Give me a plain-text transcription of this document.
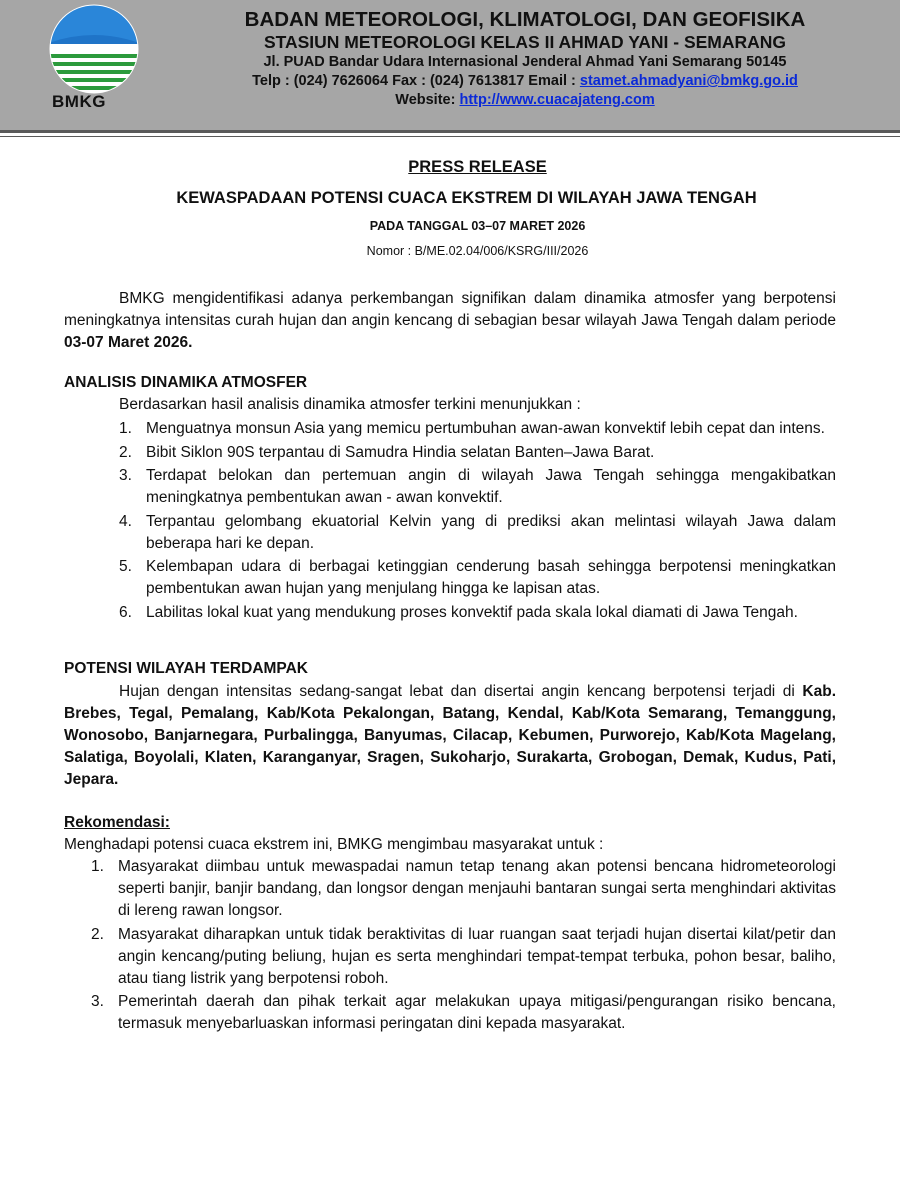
BMKG
BADAN METEOROLOGI, KLIMATOLOGI, DAN GEOFISIKA
STASIUN METEOROLOGI KELAS II AHMAD YANI - SEMARANG
Jl. PUAD Bandar Udara Internasional Jenderal Ahmad Yani Semarang 50145
Telp : (024) 7626064 Fax : (024) 7613817 Email : stamet.ahmadyani@bmkg.go.id
Website: http://www.cuacajateng.com
PRESS RELEASE
KEWASPADAAN POTENSI CUACA EKSTREM DI WILAYAH JAWA TENGAH
PADA TANGGAL 03–07 MARET 2026
Nomor : B/ME.02.04/006/KSRG/III/2026
BMKG mengidentifikasi adanya perkembangan signifikan dalam dinamika atmosfer yang berpotensi meningkatnya intensitas curah hujan dan angin kencang di sebagian besar wilayah Jawa Tengah dalam periode 03-07 Maret 2026.
ANALISIS DINAMIKA ATMOSFER
Berdasarkan hasil analisis dinamika atmosfer terkini menunjukkan :
1. Menguatnya monsun Asia yang memicu pertumbuhan awan-awan konvektif lebih cepat dan intens.
2. Bibit Siklon 90S terpantau di Samudra Hindia selatan Banten–Jawa Barat.
3. Terdapat belokan dan pertemuan angin di wilayah Jawa Tengah sehingga mengakibatkan meningkatnya pembentukan awan - awan konvektif.
4. Terpantau gelombang ekuatorial Kelvin yang di prediksi akan melintasi wilayah Jawa dalam beberapa hari ke depan.
5. Kelembapan udara di berbagai ketinggian cenderung basah sehingga berpotensi meningkatkan pembentukan awan hujan yang menjulang hingga ke lapisan atas.
6. Labilitas lokal kuat yang mendukung proses konvektif pada skala lokal diamati di Jawa Tengah.
POTENSI WILAYAH TERDAMPAK
Hujan dengan intensitas sedang-sangat lebat dan disertai angin kencang berpotensi terjadi di Kab. Brebes, Tegal, Pemalang, Kab/Kota Pekalongan, Batang, Kendal, Kab/Kota Semarang, Temanggung, Wonosobo, Banjarnegara, Purbalingga, Banyumas, Cilacap, Kebumen, Purworejo, Kab/Kota Magelang, Salatiga, Boyolali, Klaten, Karanganyar, Sragen, Sukoharjo, Surakarta, Grobogan, Demak, Kudus, Pati, Jepara.
Rekomendasi:
Menghadapi potensi cuaca ekstrem ini, BMKG mengimbau masyarakat untuk :
1. Masyarakat diimbau untuk mewaspadai namun tetap tenang akan potensi bencana hidrometeorologi seperti banjir, banjir bandang, dan longsor dengan menjauhi bantaran sungai serta menghindari aktivitas di lereng rawan longsor.
2. Masyarakat diharapkan untuk tidak beraktivitas di luar ruangan saat terjadi hujan disertai kilat/petir dan angin kencang/puting beliung, hujan es serta menghindari tempat-tempat terbuka, pohon besar, baliho, atau tiang listrik yang berpotensi roboh.
3. Pemerintah daerah dan pihak terkait agar melakukan upaya mitigasi/pengurangan risiko bencana, termasuk menyebarluaskan informasi peringatan dini kepada masyarakat.
